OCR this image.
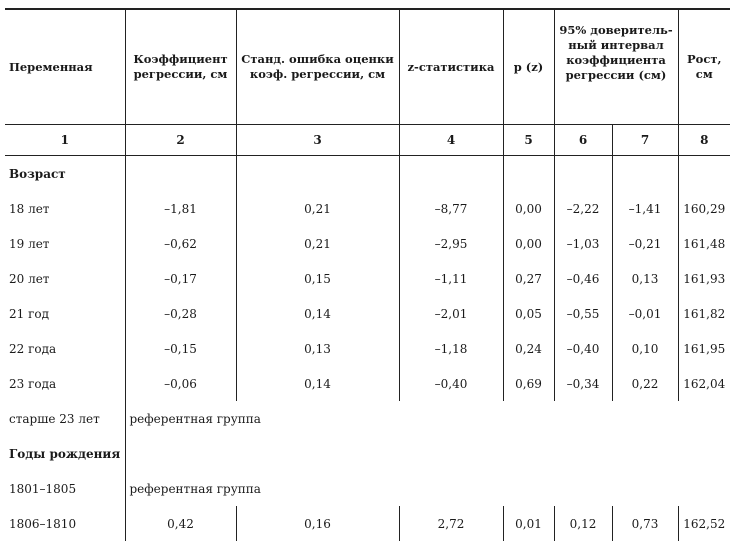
Переменная	Коэффициент регрессии, см	Станд. ошибка оценки коэф. регрессии, см	z-статистика	p (z)	95% доверитель- ный интервал коэффициента регрессии (см)		Рост, см

1	2	3	4	5	6	7	8
Возраст							
18 лет	–1,81	0,21	–8,77	0,00	–2,22	–1,41	160,29
19 лет	–0,62	0,21	–2,95	0,00	–1,03	–0,21	161,48
20 лет	–0,17	0,15	–1,11	0,27	–0,46	0,13	161,93
21 год	–0,28	0,14	–2,01	0,05	–0,55	–0,01	161,82
22 года	–0,15	0,13	–1,18	0,24	–0,40	0,10	161,95
23 года	–0,06	0,14	–0,40	0,69	–0,34	0,22	162,04
старше 23 лет	референтная группа						
Годы рождения							
1801–1805	референтная группа						
1806–1810	0,42	0,16	2,72	0,01	0,12	0,73	162,52
